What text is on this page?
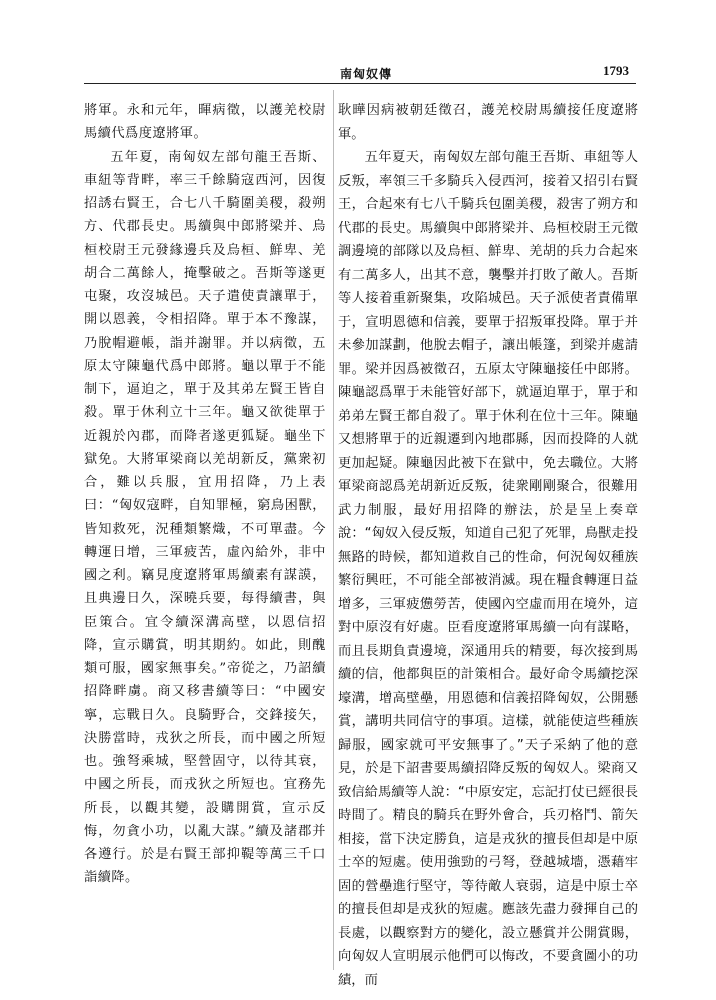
南匈奴傳	1793

將軍。永和元年，暉病徵，以護羌校尉馬續代爲度遼將軍。

五年夏，南匈奴左部句龍王吾斯、車紐等背畔，率三千餘騎寇西河，因復招誘右賢王，合七八千騎圍美稷，殺朔方、代郡長史。馬續與中郎將梁并、烏桓校尉王元發緣邊兵及烏桓、鮮卑、羌胡合二萬餘人，掩擊破之。吾斯等遂更屯聚，攻沒城邑。天子遣使責讓單于，開以恩義，令相招降。單于本不豫謀，乃脫帽避帳，詣并謝罪。并以病徵，五原太守陳龜代爲中郎將。龜以單于不能制下，逼迫之，單于及其弟左賢王皆自殺。單于休利立十三年。龜又欲徙單于近親於內郡，而降者遂更狐疑。龜坐下獄免。大將軍梁商以羌胡新反，黨衆初合，難以兵服，宜用招降，乃上表曰：“匈奴寇畔，自知罪極，窮鳥困獸，皆知救死，況種類繁熾，不可單盡。今轉運日增，三軍疲苦，虛內給外，非中國之利。竊見度遼將軍馬續素有謀謨，且典邊日久，深曉兵要，每得續書，與臣策合。宜令續深溝高壁，以恩信招降，宣示購賞，明其期約。如此，則醜類可服，國家無事矣。”帝從之，乃詔續招降畔虜。商又移書續等曰：“中國安寧，忘戰日久。良騎野合，交鋒接矢，決勝當時，戎狄之所長，而中國之所短也。強弩乘城，堅營固守，以待其衰，中國之所長，而戎狄之所短也。宜務先所長，以觀其變，設購開賞，宣示反悔，勿貪小功，以亂大謀。”續及諸郡并各遵行。於是右賢王部抑鞮等萬三千口詣續降。

耿曄因病被朝廷徵召，護羌校尉馬續接任度遼將軍。

五年夏天，南匈奴左部句龍王吾斯、車紐等人反叛，率領三千多騎兵入侵西河，接着又招引右賢王，合起來有七八千騎兵包圍美稷，殺害了朔方和代郡的長史。馬續與中郎將梁并、烏桓校尉王元徵調邊境的部隊以及烏桓、鮮卑、羌胡的兵力合起來有二萬多人，出其不意，襲擊并打敗了敵人。吾斯等人接着重新聚集，攻陷城邑。天子派使者責備單于，宣明恩德和信義，要單于招叛軍投降。單于并未參加謀劃，他脫去帽子，讓出帳篷，到梁并處請罪。梁并因爲被徵召，五原太守陳龜接任中郎將。陳龜認爲單于未能管好部下，就逼迫單于，單于和弟弟左賢王都自殺了。單于休利在位十三年。陳龜又想將單于的近親遷到內地郡縣，因而投降的人就更加起疑。陳龜因此被下在獄中，免去職位。大將軍梁商認爲羌胡新近反叛，徒衆剛剛聚合，很難用武力制服，最好用招降的辦法，於是呈上奏章說：“匈奴入侵反叛，知道自己犯了死罪，鳥獸走投無路的時候，都知道救自己的性命，何況匈奴種族繁衍興旺，不可能全部被消滅。現在糧食轉運日益增多，三軍疲憊勞苦，使國內空虛而用在境外，這對中原沒有好處。臣看度遼將軍馬續一向有謀略，而且長期負責邊境，深通用兵的精要，每次接到馬續的信，他都與臣的計策相合。最好命令馬續挖深壕溝，增高壁壘，用恩德和信義招降匈奴，公開懸賞，講明共同信守的事項。這樣，就能使這些種族歸服，國家就可平安無事了。”天子采納了他的意見，於是下詔書要馬續招降反叛的匈奴人。梁商又致信給馬續等人說：“中原安定，忘記打仗已經很長時間了。精良的騎兵在野外會合，兵刃格鬥、箭矢相接，當下決定勝負，這是戎狄的擅長但却是中原士卒的短處。使用強勁的弓弩，登越城墻，憑藉牢固的營壘進行堅守，等待敵人衰弱，這是中原士卒的擅長但却是戎狄的短處。應該先盡力發揮自己的長處，以觀察對方的變化，設立懸賞并公開賞賜，向匈奴人宣明展示他們可以悔改，不要貪圖小的功績，而
